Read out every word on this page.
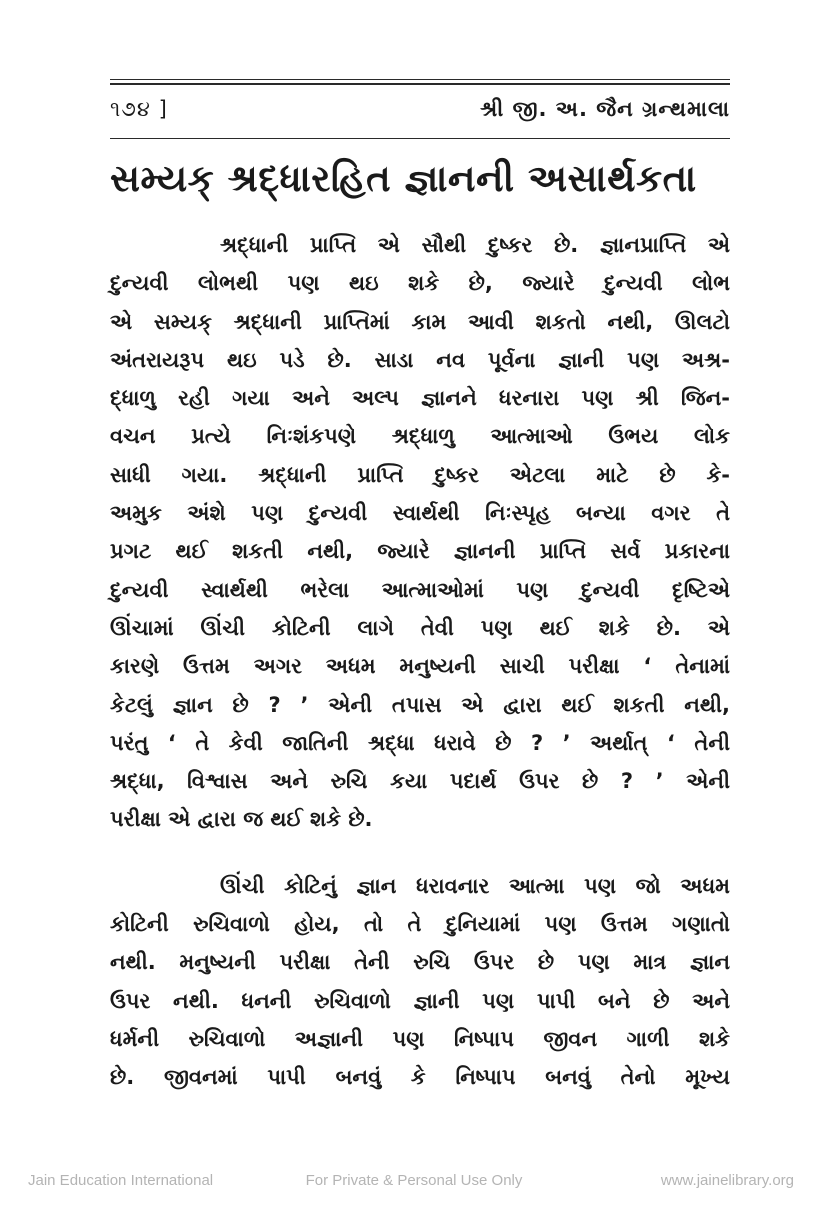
૧૭૪ ]	શ્રી જી. અ. જૈન ગ્રન્થમાલા
સમ્યક્ શ્રદ્ધારહિત જ્ઞાનની અસાર્થકતા
શ્રદ્ધાની પ્રાપ્તિ એ સૌથી દુષ્કર છે. જ્ઞાનપ્રાપ્તિ એ
દુન્યવી લોભથી પણ થઇ શકે છે, જ્યારે દુન્યવી લોભ
એ સમ્યક્ શ્રદ્ધાની પ્રાપ્તિમાં કામ આવી શકતો નથી, ઊલટો
અંતરાયરૂપ થઇ પડે છે. સાડા નવ પૂર્વના જ્ઞાની પણ અશ્ર-
દ્ધાળુ રહી ગયા અને અલ્પ જ્ઞાનને ધરનારા પણ શ્રી જિન-
વચન પ્રત્યે નિઃશંકપણે શ્રદ્ધાળુ આત્માઓ ઉભય લોક
સાધી ગયા. શ્રદ્ધાની પ્રાપ્તિ દુષ્કર એટલા માટે છે કે-
અમુક અંશે પણ દુન્યવી સ્વાર્થથી નિઃસ્પૃહ બન્યા વગર તે
પ્રગટ થઈ શકતી નથી, જ્યારે જ્ઞાનની પ્રાપ્તિ સર્વ પ્રકારના
દુન્યવી સ્વાર્થથી ભરેલા આત્માઓમાં પણ દુન્યવી દૃષ્ટિએ
ઊંચામાં ઊંચી કોટિની લાગે તેવી પણ થઈ શકે છે. એ
કારણે ઉત્તમ અગર અધમ મનુષ્યની સાચી પરીક્ષા ‘ તેનામાં
કેટલું જ્ઞાન છે ? ’ એની તપાસ એ દ્વારા થઈ શકતી નથી,
પરંતુ ‘ તે કેવી જાતિની શ્રદ્ધા ધરાવે છે ? ’ અર્થાત્ ‘ તેની
શ્રદ્ધા, વિશ્વાસ અને રુચિ કયા પદાર્થ ઉપર છે ? ’ એની
પરીક્ષા એ દ્વારા જ થઈ શકે છે.
ઊંચી કોટિનું જ્ઞાન ધરાવનાર આત્મા પણ જો અધમ
કોટિની રુચિવાળો હોય, તો તે દુનિયામાં પણ ઉત્તમ ગણાતો
નથી. મનુષ્યની પરીક્ષા તેની રુચિ ઉપર છે પણ માત્ર જ્ઞાન
ઉપર નથી. ધનની રુચિવાળો જ્ઞાની પણ પાપી બને છે અને
ધર્મની રુચિવાળો અજ્ઞાની પણ નિષ્પાપ જીવન ગાળી શકે
છે. જીવનમાં પાપી બનવું કે નિષ્પાપ બનવું તેનો મૂખ્ય
Jain Education International	For Private & Personal Use Only	www.jainelibrary.org
